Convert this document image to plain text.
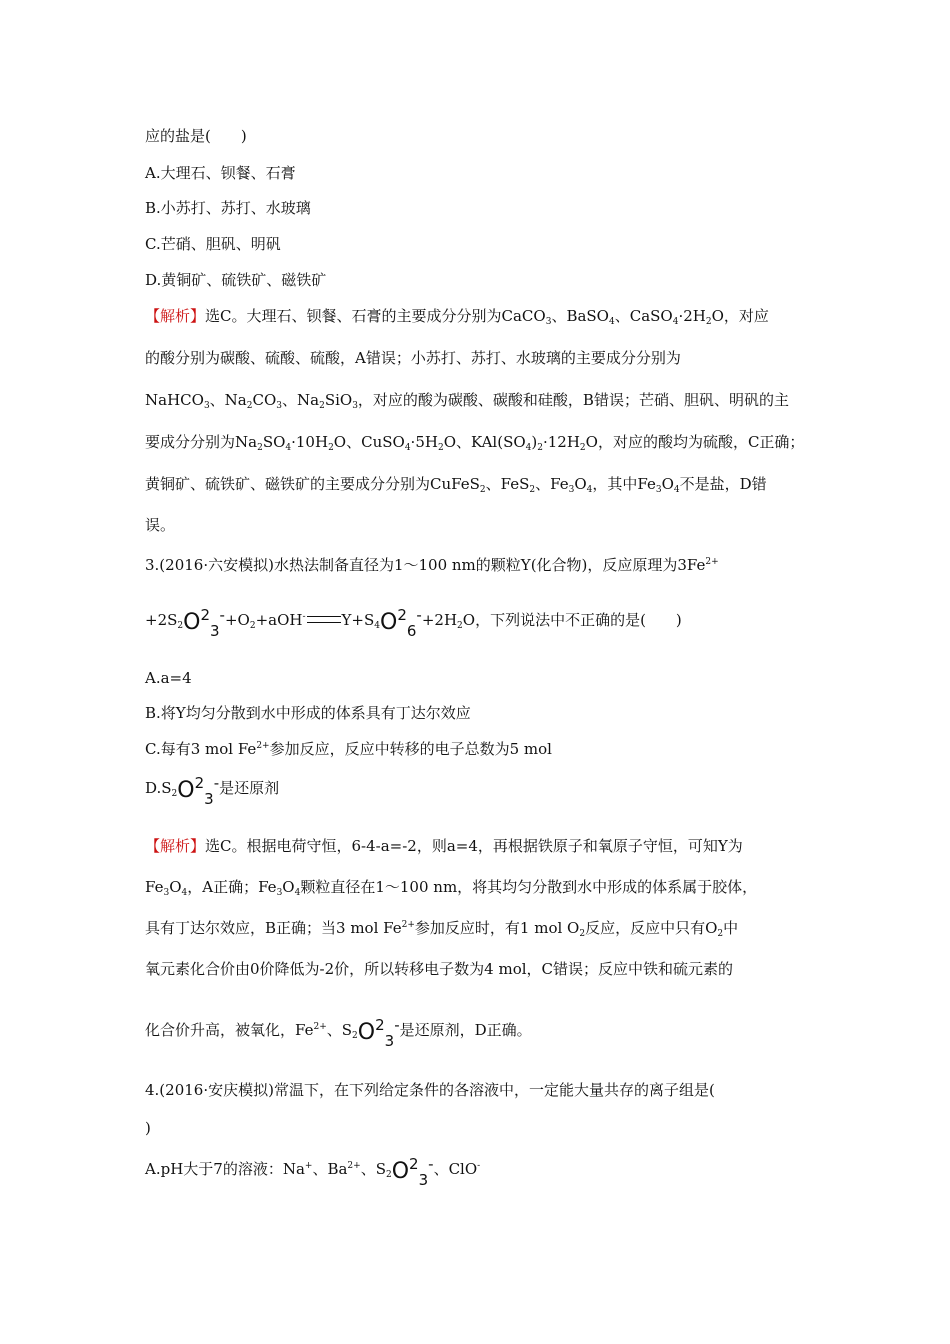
应的盐是(　　)
A.大理石、钡餐、石膏
B.小苏打、苏打、水玻璃
C.芒硝、胆矾、明矾
D.黄铜矿、硫铁矿、磁铁矿
【解析】选C。大理石、钡餐、石膏的主要成分分别为CaCO$_3$、BaSO$_4$、$CaSO_4\cdot 2H_2O$，对应
的酸分别为碳酸、硫酸、硫酸，A错误；小苏打、苏打、水玻璃的主要成分分别为
NaHCO$_3$、$Na_2CO_3$、$Na_2SiO_3$，对应的酸为碳酸、碳酸和硅酸，B错误；芒硝、胆矾、明矾的主
要成分分别为$Na_2SO_4\cdot 10H_2O$、$CuSO_4\cdot 5H_2O$、$KAl(SO_4)_2\cdot 12H_2O$，对应的酸均为硫酸，C正确；
黄铜矿、硫铁矿、磁铁矿的主要成分分别为CuFeS$_2$、FeS$_2$、$Fe_3O_4$，其中$Fe_3O_4$不是盐，D错
误。
3.(2016·六安模拟)水热法制备直径为1～100 nm的颗粒Y(化合物)，反应原理为$3Fe^{2+}$
$+2S_2O^2_3^-+O_2+aOH^-$ $Y+S_4O^2_6^-+2H_2O$，下列说法中不正确的是(　　)
A.a=4
B.将Y均匀分散到水中形成的体系具有丁达尔效应
C.每有3 mol $Fe^{2+}$参加反应，反应中转移的电子总数为5 mol
$D.S_2O^2_3^-$是还原剂
【解析】选C。根据电荷守恒，6-4-a=-2，则a=4，再根据铁原子和氧原子守恒，可知Y为
$Fe_3O_4$，A正确；$Fe_3O_4$颗粒直径在1～100 nm，将其均匀分散到水中形成的体系属于胶体，
具有丁达尔效应，B正确；当3 mol $Fe^{2+}$参加反应时，有1 mol $O_2$反应，反应中只有$O_2$中
氧元素化合价由0价降低为-2价，所以转移电子数为4 mol，C错误；反应中铁和硫元素的
化合价升高，被氧化，$Fe^{2+}$、$S_2O^2_3^-$是还原剂，D正确。
4.(2016·安庆模拟)常温下，在下列给定条件的各溶液中，一定能大量共存的离子组是(
)
A.pH大于7的溶液：Na+、$Ba^{2+}$、$S_2O^2_3^-$、ClO-
